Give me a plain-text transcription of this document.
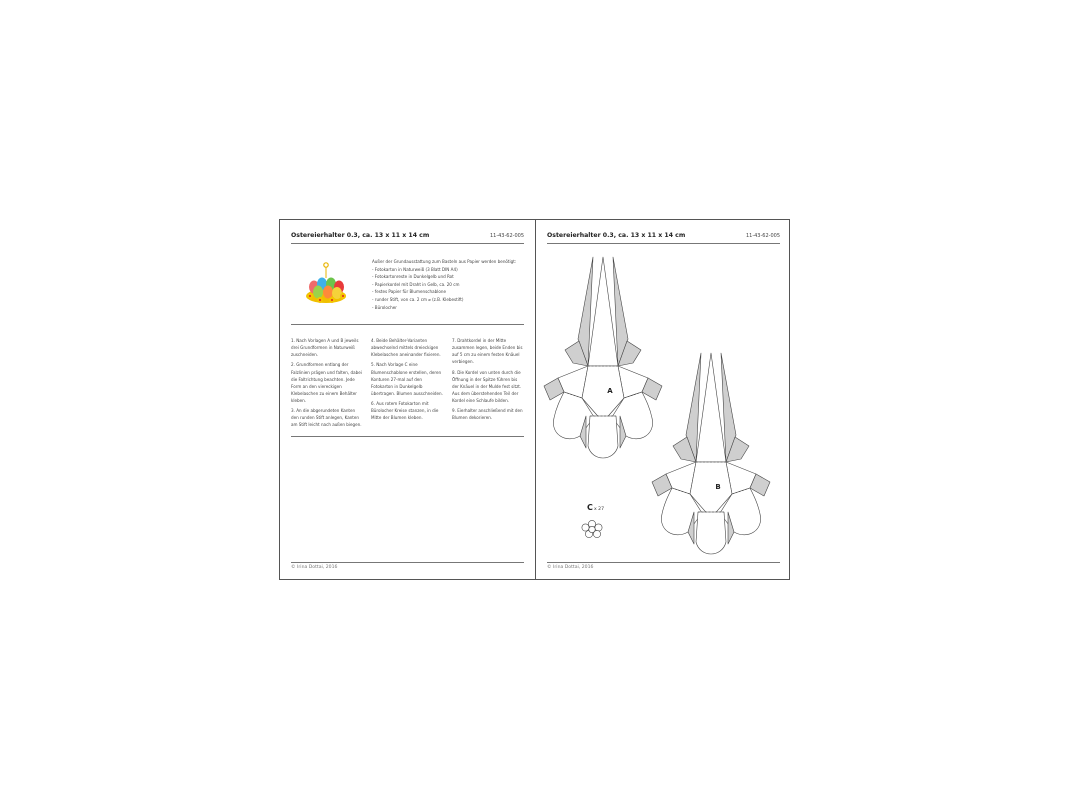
Ostereierhalter 0.3, ca. 13 x 11 x 14 cm	11-43-62-005
Außer der Grundausstattung zum Basteln aus Papier werden benötigt:
- Fotokarton in Naturweiß (3 Blatt DIN A4)
- Fotokartonreste in Dunkelgelb und Rot
- Papierkordel mit Draht in Gelb, ca. 20 cm
- festes Papier für Blumenschablone
- runder Stift, von ca. 2 cm ⌀ (z.B. Klebestift)
- Bürolocher

1. Nach Vorlagen A und B jeweils drei Grundformen in Naturweiß zuschneiden.

2. Grundformen entlang der Falzlinien prägen und falten, dabei die Faltrichtung beachten. Jede Form an den viereckigen Klebelaschen zu einem Behälter kleben.

3. An die abgerundeten Kanten den runden Stift anlegen, Kanten am Stift leicht nach außen biegen.

4. Beide Behälter-Varianten abwechselnd mittels dreieckigen Klebelaschen aneinander fixieren.

5. Nach Vorlage C eine Blumenschablone erstellen, deren Konturen 27-mal auf den Fotokarton in Dunkelgelb übertragen. Blumen ausschneiden.

6. Aus rotem Fotokarton mit Bürolocher Kreise stanzen, in die Mitte der Blumen kleben.

7. Drahtkordel in der Mitte zusammen legen, beide Enden bis auf 5 cm zu einem festen Knäuel verbiegen.

8. Die Kordel von unten durch die Öffnung in der Spitze führen bis der Knäuel in der Mulde fest sitzt. Aus dem überstehenden Teil der Kordel eine Schlaufe bilden.

9. Eierhalter anschließend mit den Blumen dekorieren.

© Irina Dottai, 2016
Ostereierhalter 0.3, ca. 13 x 11 x 14 cm	11-43-62-005
A
B
C x 27
© Irina Dottai, 2016
